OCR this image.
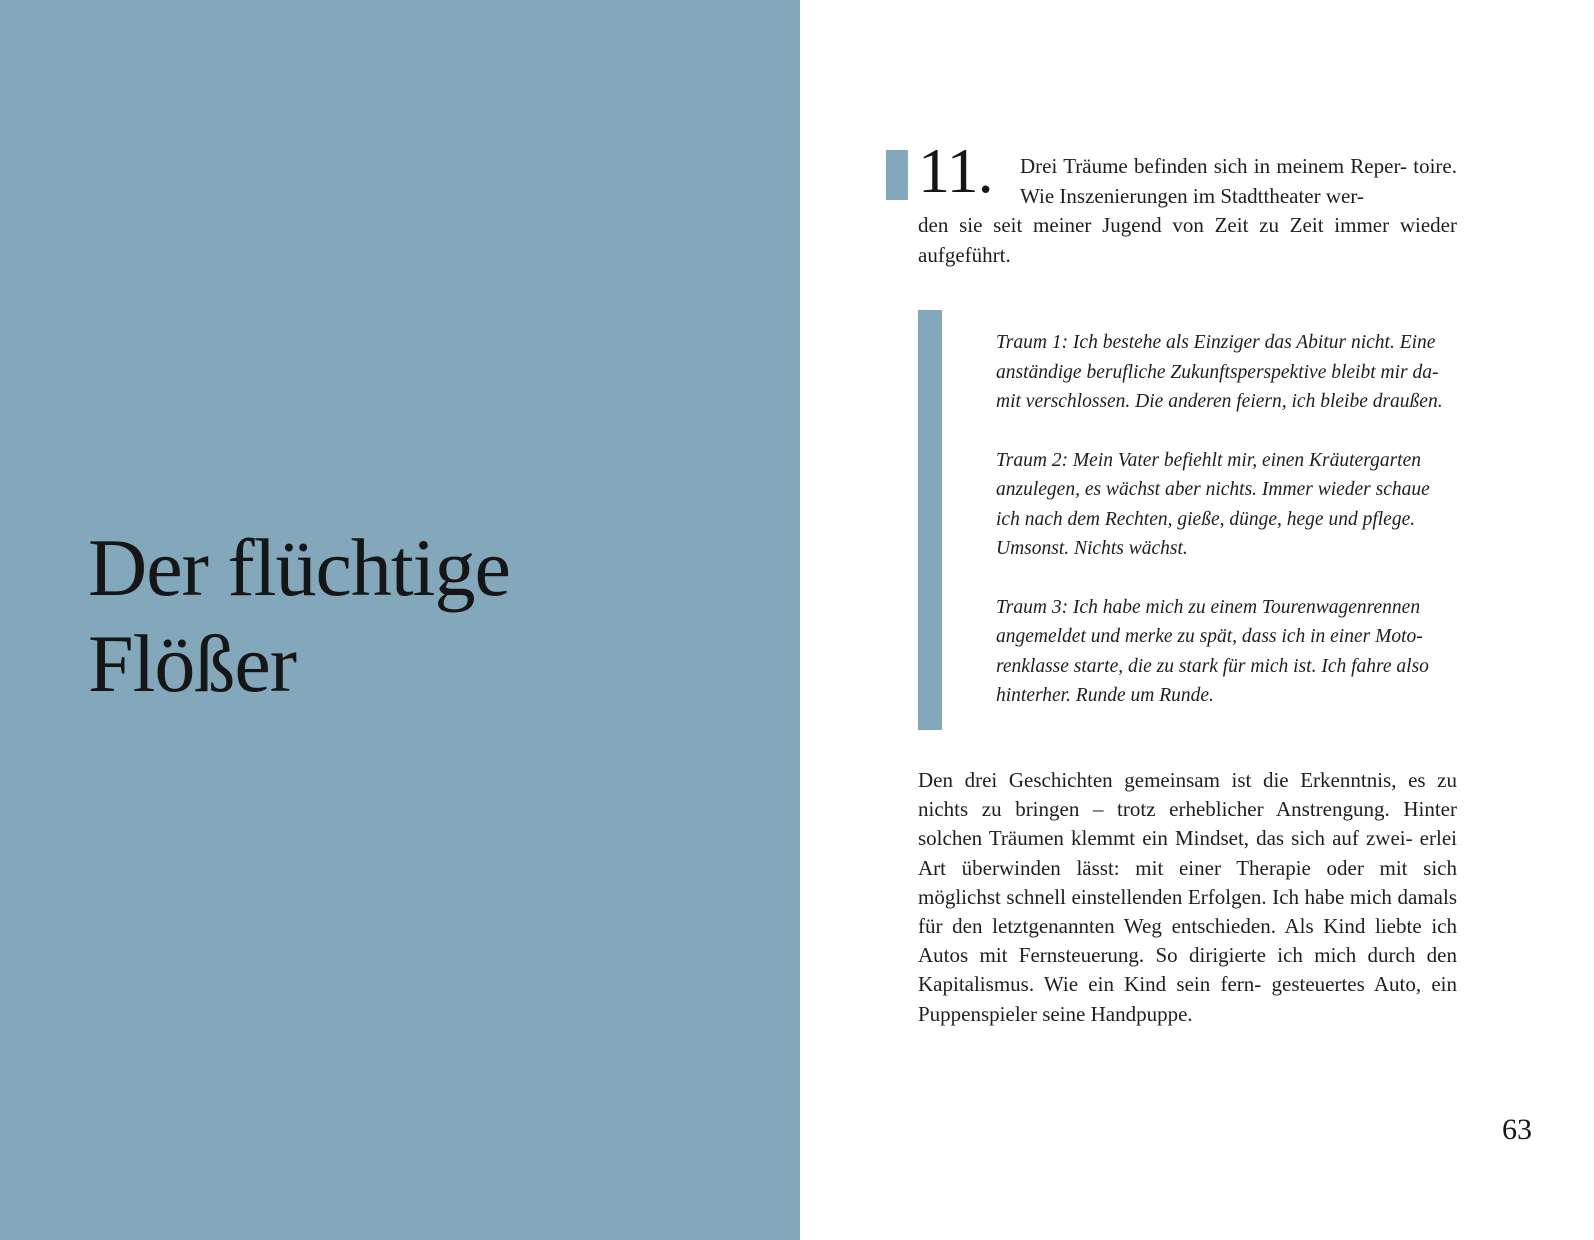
Der flüchtige
Flößer
11. Drei Träume befinden sich in meinem Reper- toire. Wie Inszenierungen im Stadttheater wer-
den sie seit meiner Jugend von Zeit zu Zeit immer wieder aufgeführt.

Traum 1: Ich bestehe als Einziger das Abitur nicht. Eine anständige berufliche Zukunftsperspektive bleibt mir da- mit verschlossen. Die anderen feiern, ich bleibe draußen.

Traum 2: Mein Vater befiehlt mir, einen Kräutergarten anzulegen, es wächst aber nichts. Immer wieder schaue ich nach dem Rechten, gieße, dünge, hege und pflege. Umsonst. Nichts wächst.

Traum 3: Ich habe mich zu einem Tourenwagenrennen angemeldet und merke zu spät, dass ich in einer Moto- renklasse starte, die zu stark für mich ist. Ich fahre also hinterher. Runde um Runde.

Den drei Geschichten gemeinsam ist die Erkenntnis, es zu nichts zu bringen – trotz erheblicher Anstrengung. Hinter solchen Träumen klemmt ein Mindset, das sich auf zwei- erlei Art überwinden lässt: mit einer Therapie oder mit sich möglichst schnell einstellenden Erfolgen. Ich habe mich damals für den letztgenannten Weg entschieden. Als Kind liebte ich Autos mit Fernsteuerung. So dirigierte ich mich durch den Kapitalismus. Wie ein Kind sein fern- gesteuertes Auto, ein Puppenspieler seine Handpuppe.

63
